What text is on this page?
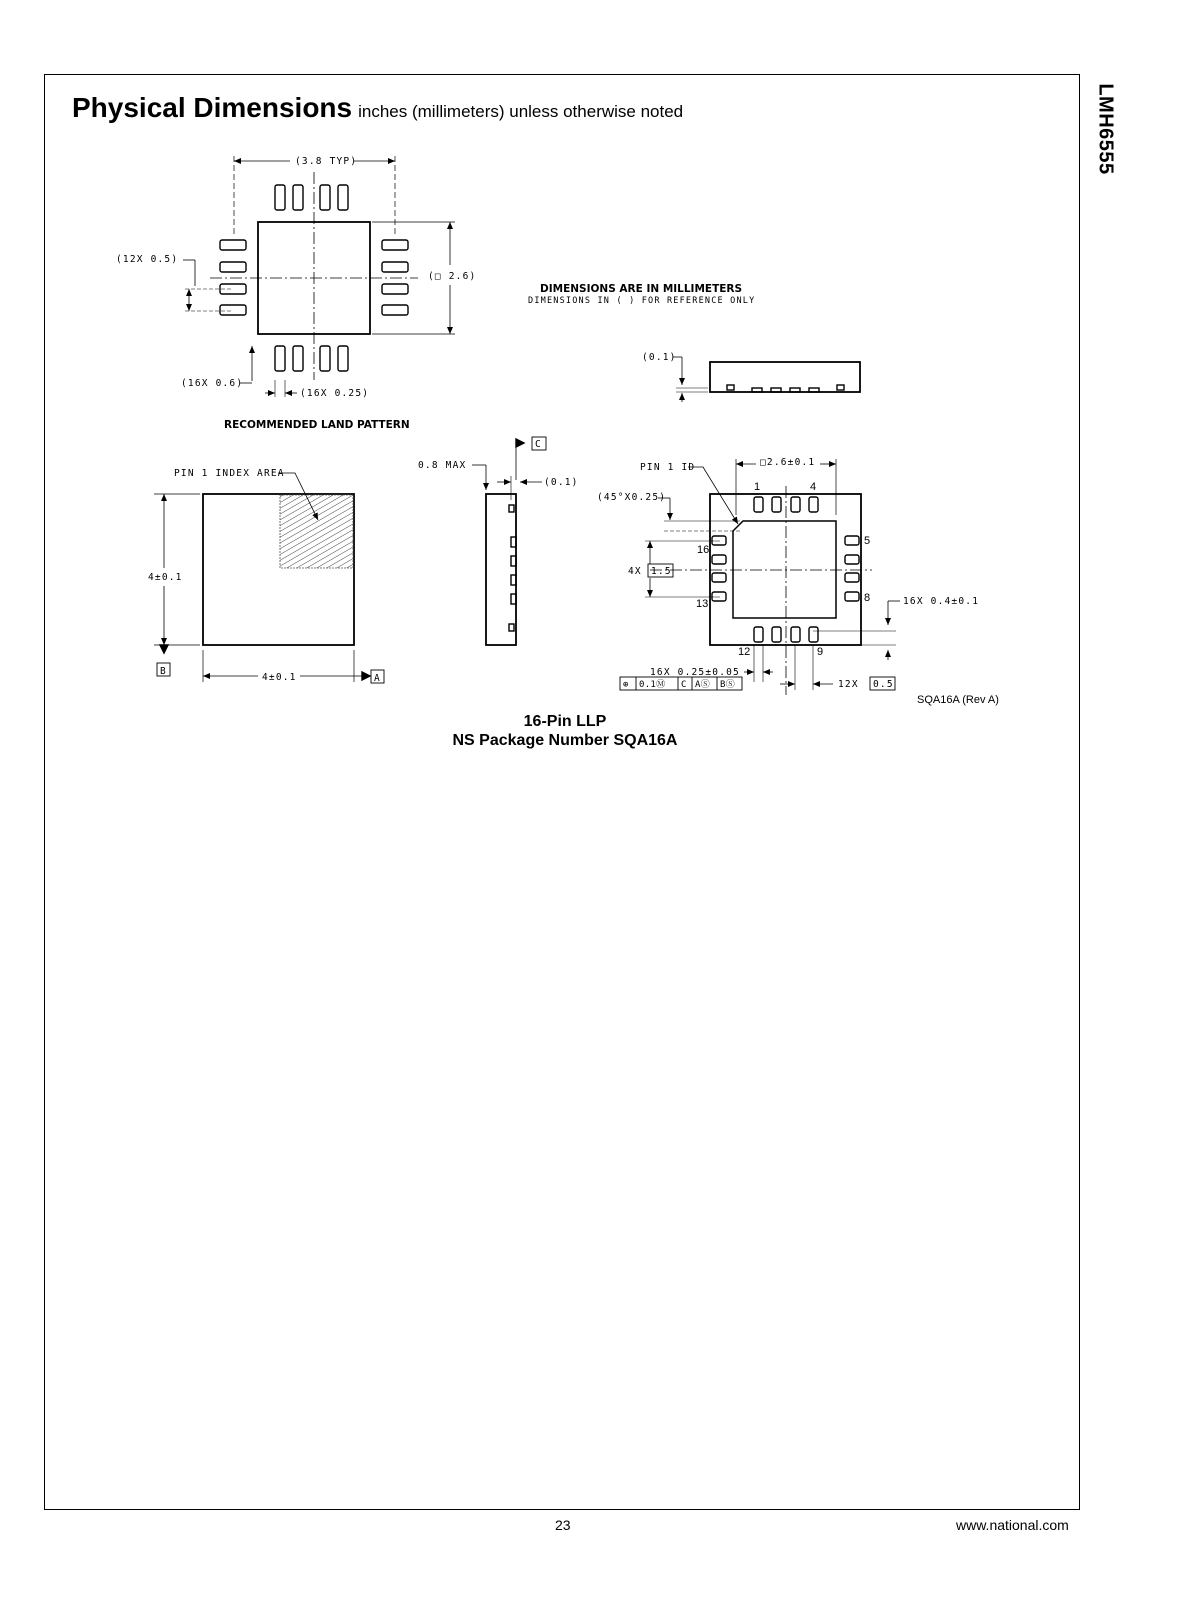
LMH6555
Physical Dimensions inches (millimeters) unless otherwise noted
(3.8 TYP)
(12X 0.5)
(□ 2.6)
(16X 0.6)
(16X 0.25)
RECOMMENDED LAND PATTERN
DIMENSIONS ARE IN MILLIMETERS
DIMENSIONS IN ( ) FOR REFERENCE ONLY
(0.1)
PIN 1 INDEX AREA
4±0.1
4±0.1
B
A
0.8 MAX
(0.1)
C
□2.6±0.1
PIN 1 ID
(45°X0.25)
4X 1.5
16X 0.4±0.1
16X 0.25±0.05
12X 0.5
1	4
5
8
9
12
13
16
⊕ 0.1Ⓜ C AⓈ BⓈ
SQA16A (Rev A)
16-Pin LLP
NS Package Number SQA16A
23	www.national.com
